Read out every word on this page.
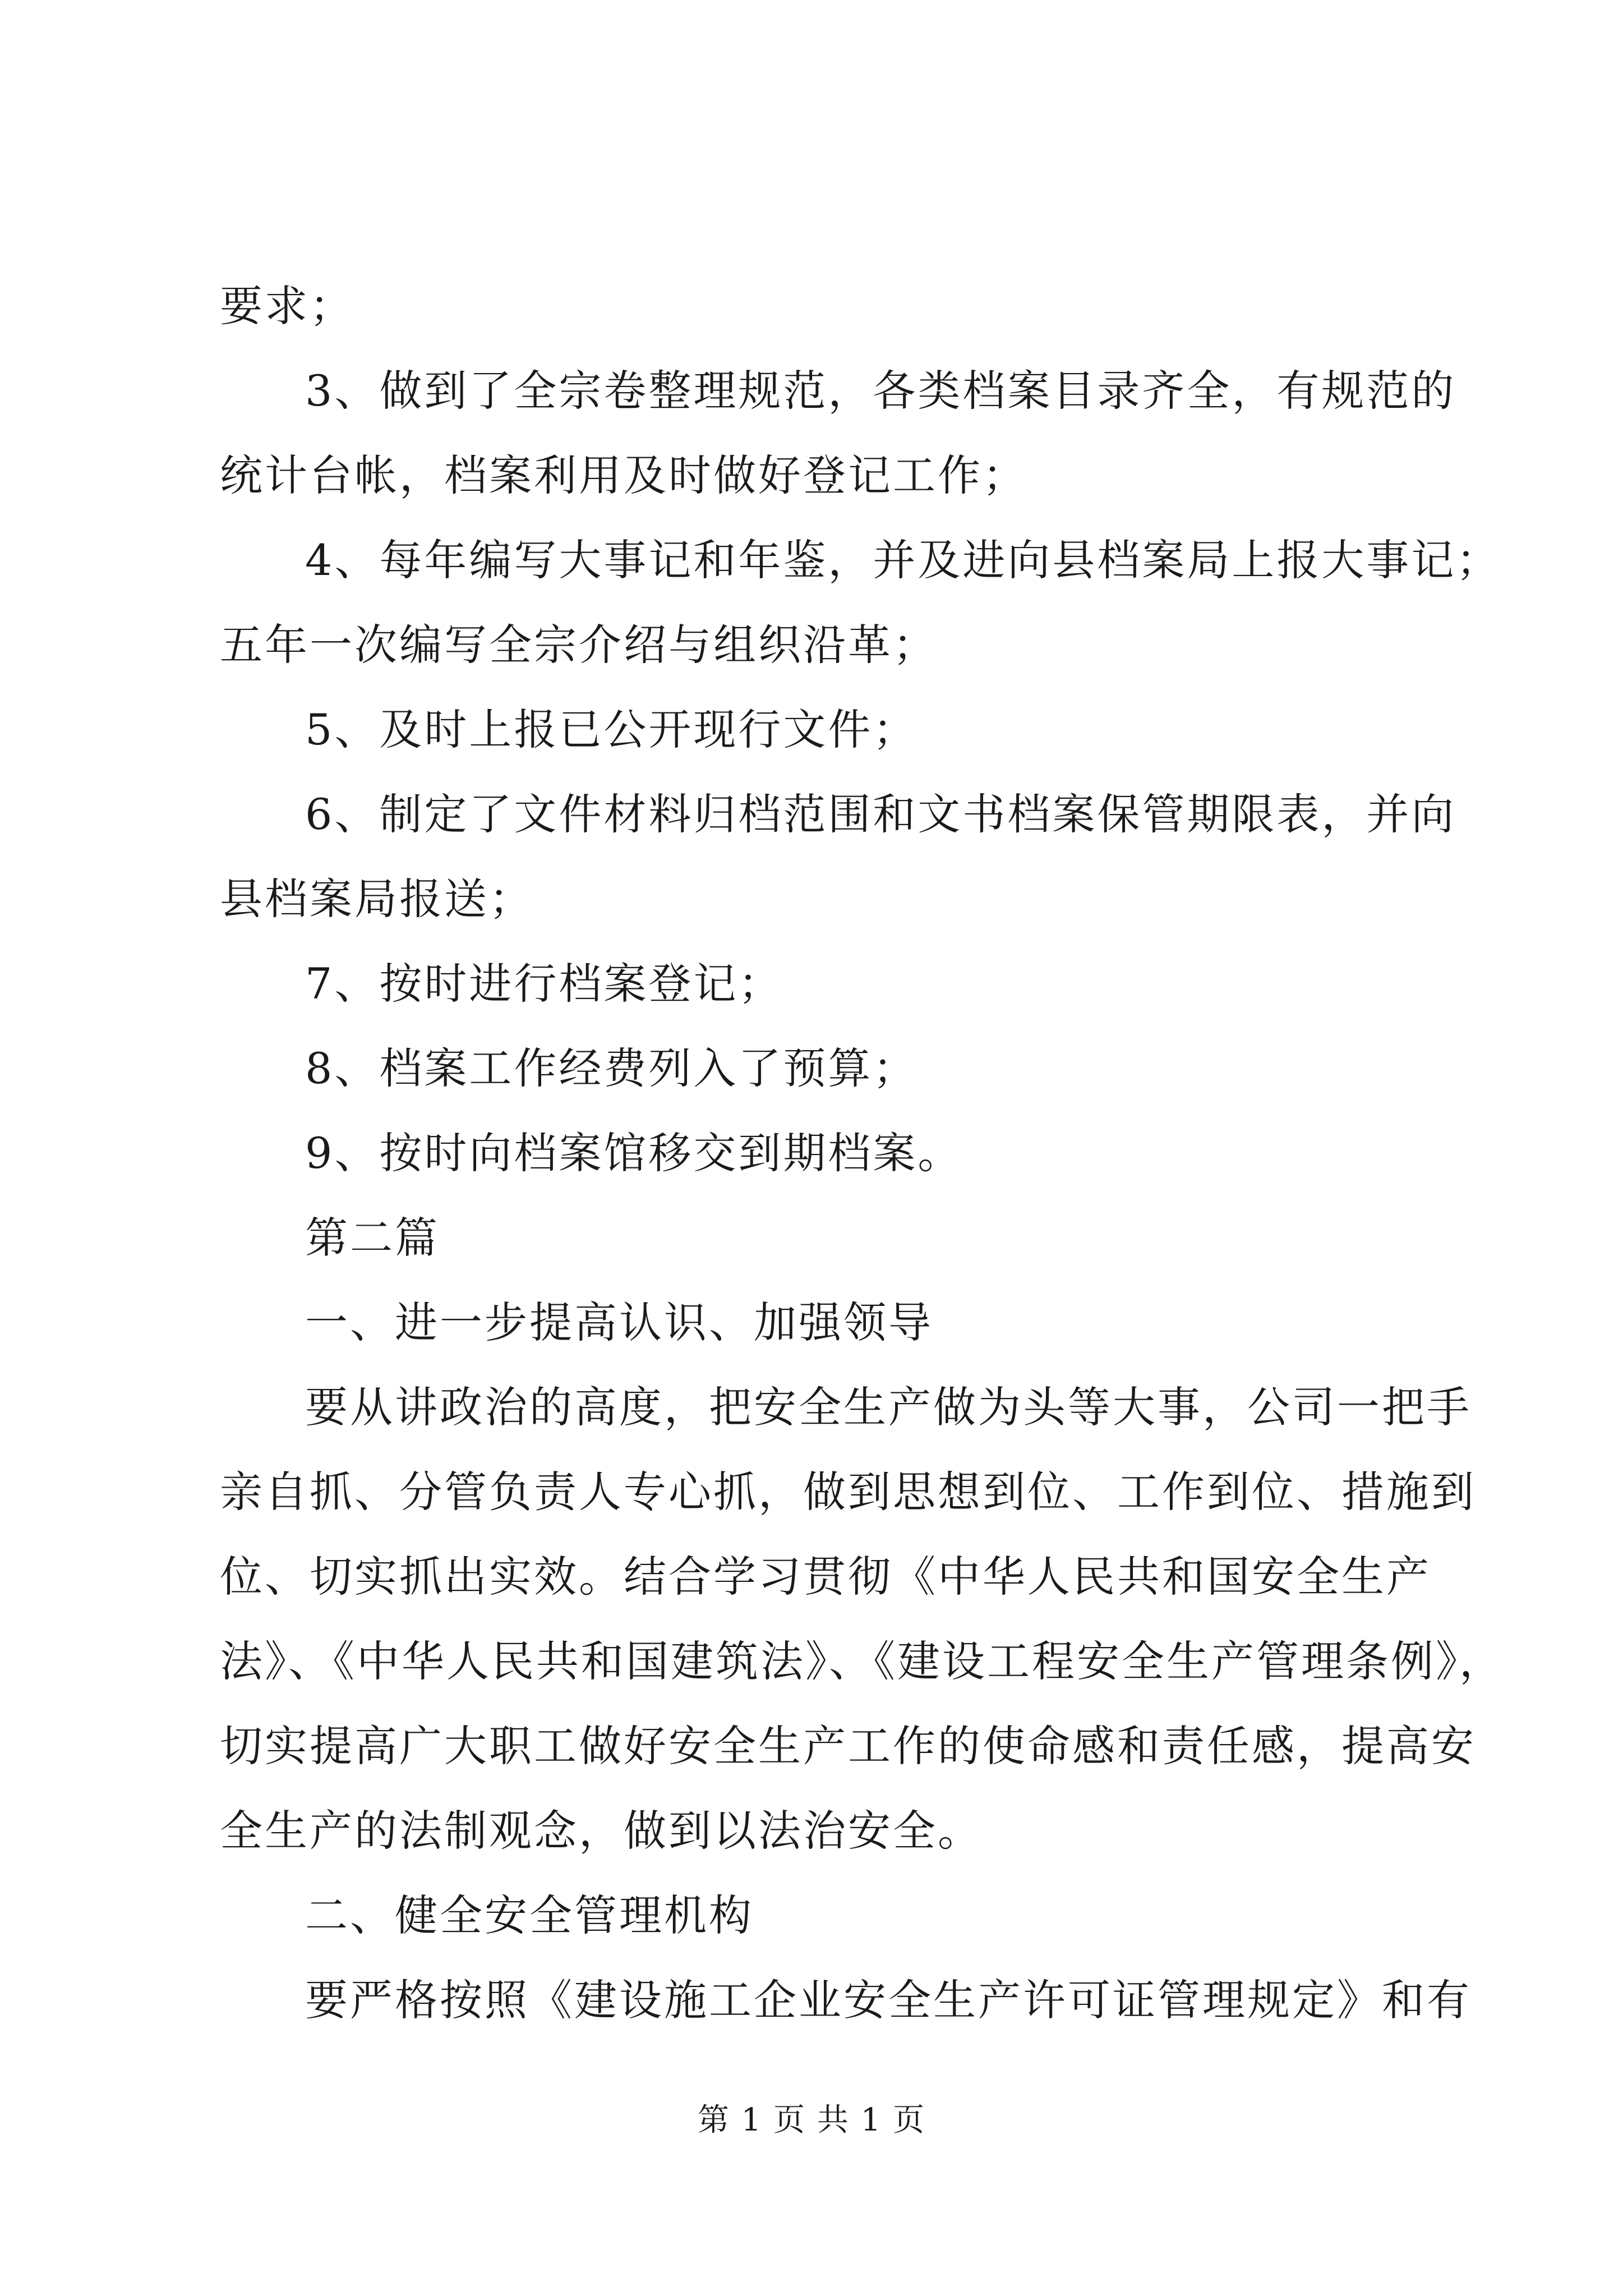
要求；
3、做到了全宗卷整理规范，各类档案目录齐全，有规范的
统计台帐，档案利用及时做好登记工作；
4、每年编写大事记和年鉴，并及进向县档案局上报大事记；
五年一次编写全宗介绍与组织沿革；
5、及时上报已公开现行文件；
6、制定了文件材料归档范围和文书档案保管期限表，并向
县档案局报送；
7、按时进行档案登记；
8、档案工作经费列入了预算；
9、按时向档案馆移交到期档案。
第二篇
一、进一步提高认识、加强领导
要从讲政治的高度，把安全生产做为头等大事，公司一把手
亲自抓、分管负责人专心抓，做到思想到位、工作到位、措施到
位、切实抓出实效。结合学习贯彻《中华人民共和国安全生产
法》、《中华人民共和国建筑法》、《建设工程安全生产管理条例》，
切实提高广大职工做好安全生产工作的使命感和责任感，提高安
全生产的法制观念，做到以法治安全。
二、健全安全管理机构
要严格按照《建设施工企业安全生产许可证管理规定》和有
第 1 页 共 1 页
